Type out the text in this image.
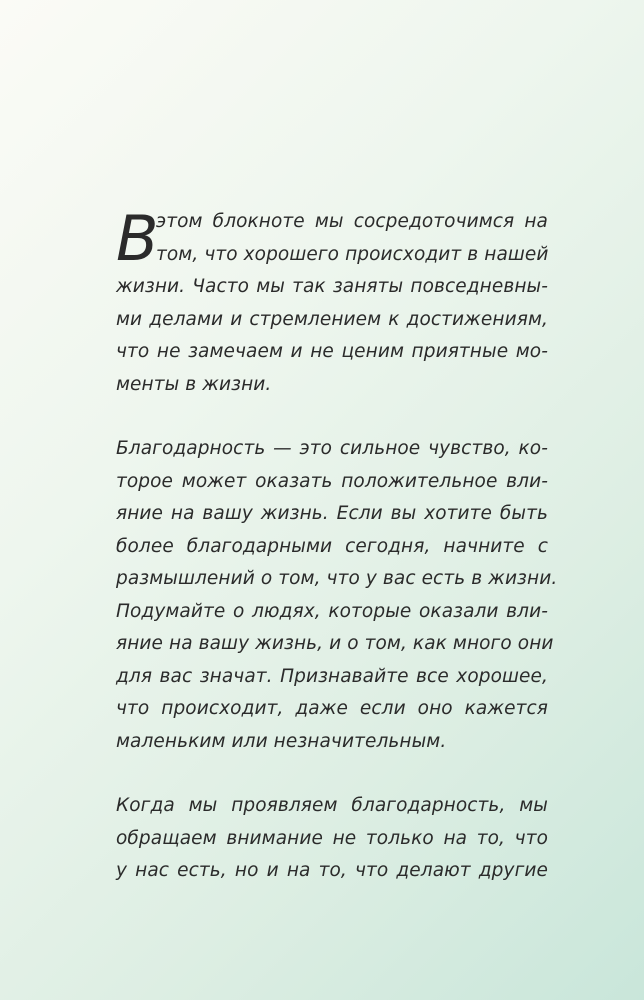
В
этом блокноте мы сосредоточимся на
том, что хорошего происходит в нашей
жизни. Часто мы так заняты повседневны-
ми делами и стремлением к достижениям,
что не замечаем и не ценим приятные мо-
менты в жизни.
Благодарность — это сильное чувство, ко-
торое может оказать положительное вли-
яние на вашу жизнь. Если вы хотите быть
более благодарными сегодня, начните с
размышлений о том, что у вас есть в жизни.
Подумайте о людях, которые оказали вли-
яние на вашу жизнь, и о том, как много они
для вас значат. Признавайте все хорошее,
что происходит, даже если оно кажется
маленьким или незначительным.
Когда мы проявляем благодарность, мы
обращаем внимание не только на то, что
у нас есть, но и на то, что делают другие
